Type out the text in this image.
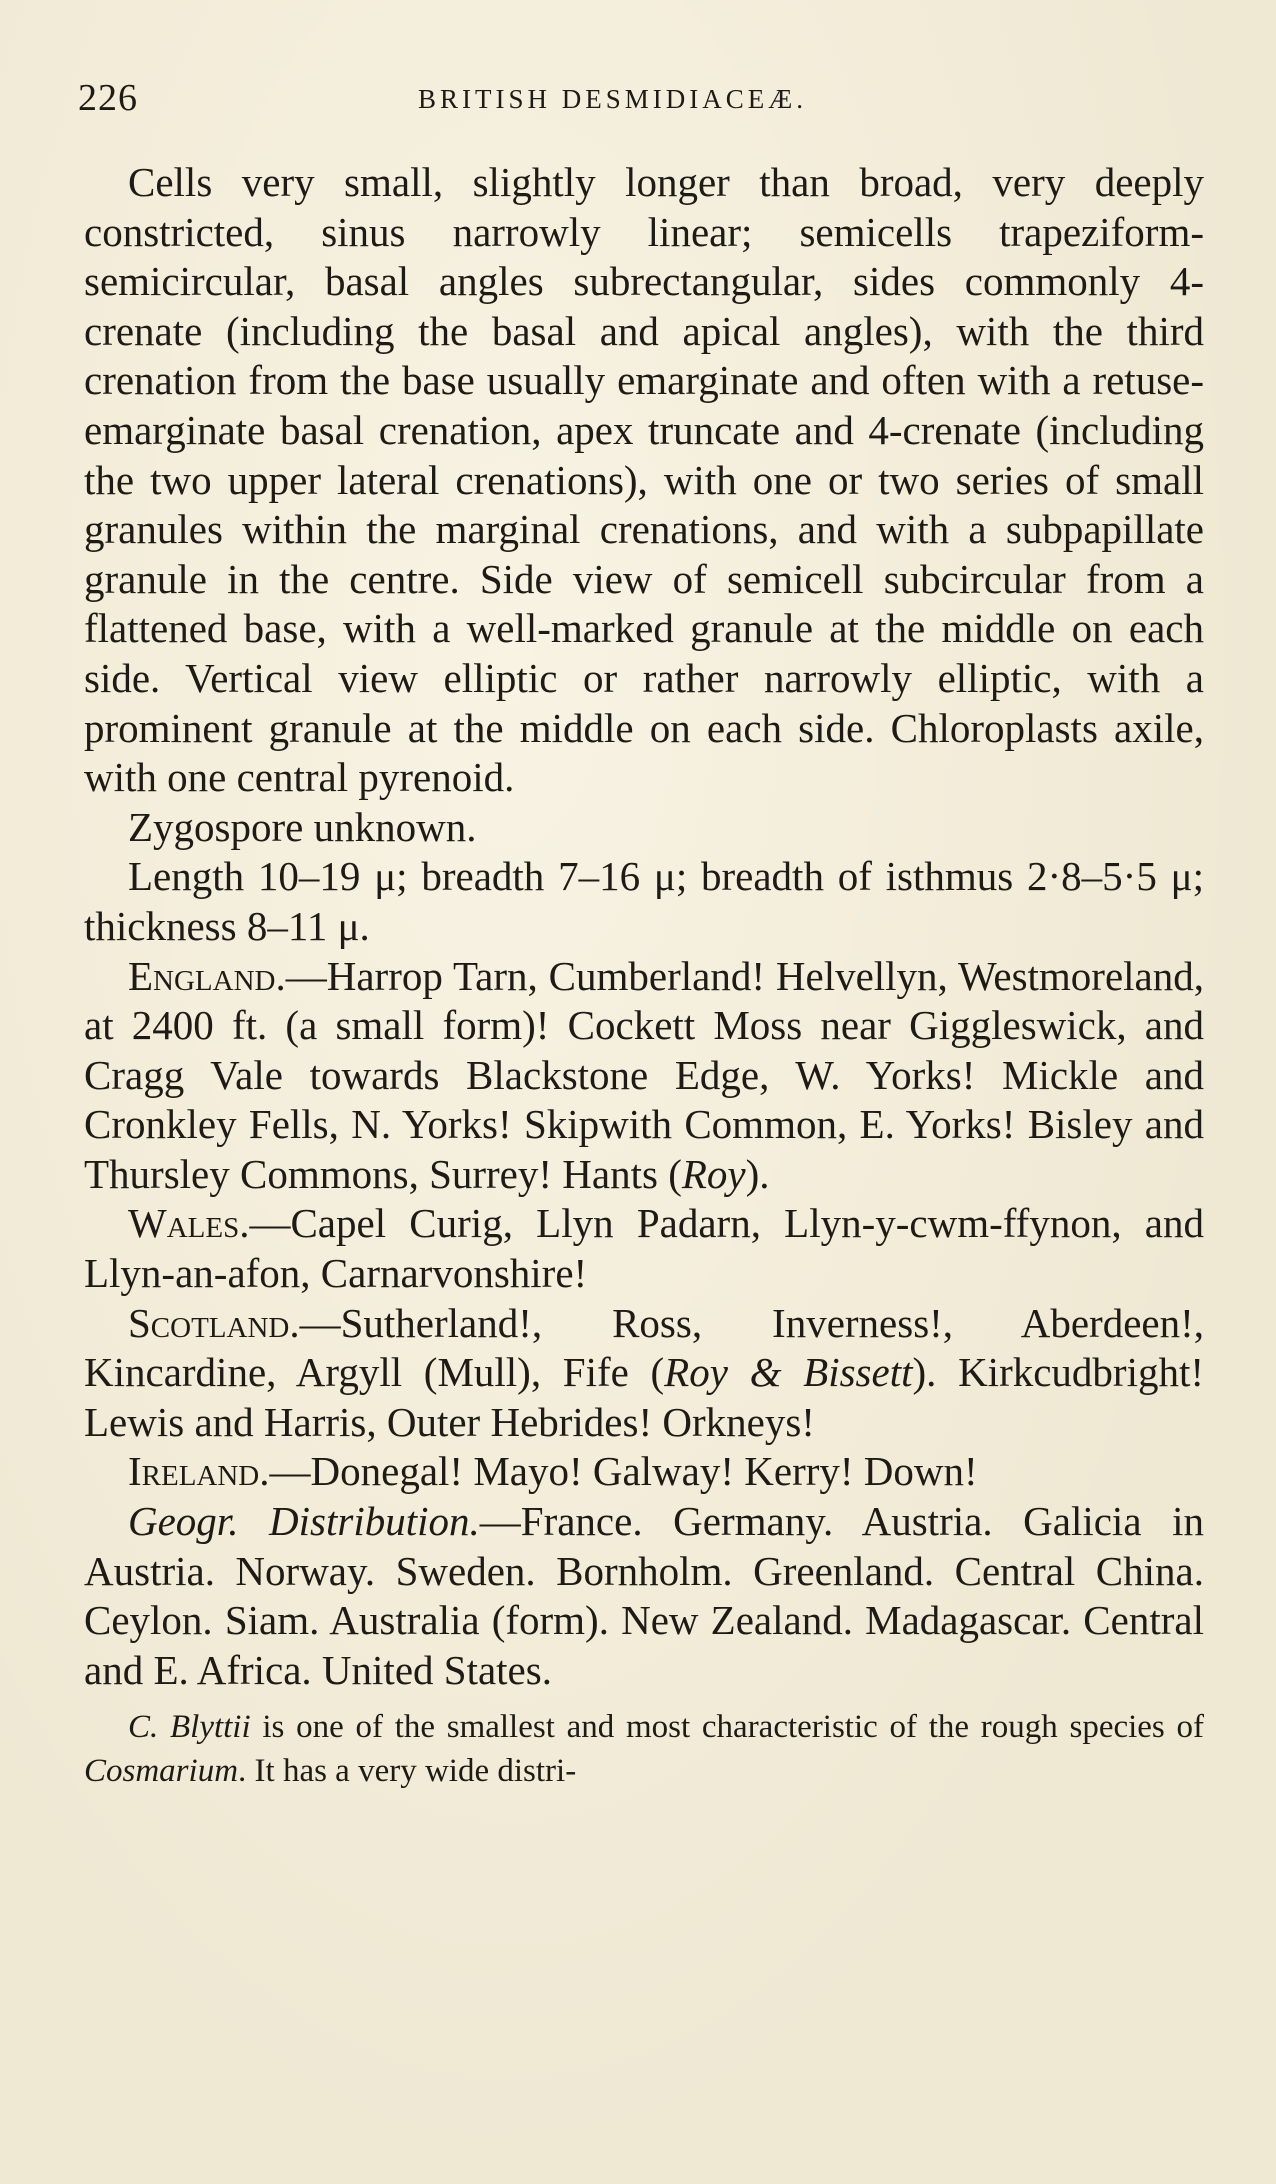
226	BRITISH DESMIDIACEÆ.

Cells very small, slightly longer than broad, very deeply constricted, sinus narrowly linear; semicells trapeziform-semicircular, basal angles subrectangular, sides commonly 4-crenate (including the basal and apical angles), with the third crenation from the base usually emarginate and often with a retuse-emarginate basal crenation, apex truncate and 4-crenate (including the two upper lateral crenations), with one or two series of small granules within the marginal crenations, and with a subpapillate granule in the centre. Side view of semicell subcircular from a flattened base, with a well-marked granule at the middle on each side. Vertical view elliptic or rather narrowly elliptic, with a prominent granule at the middle on each side. Chloroplasts axile, with one central pyrenoid.

Zygospore unknown.

Length 10–19 μ; breadth 7–16 μ; breadth of isthmus 2·8–5·5 μ; thickness 8–11 μ.

England.—Harrop Tarn, Cumberland! Helvellyn, Westmoreland, at 2400 ft. (a small form)! Cockett Moss near Giggleswick, and Cragg Vale towards Blackstone Edge, W. Yorks! Mickle and Cronkley Fells, N. Yorks! Skipwith Common, E. Yorks! Bisley and Thursley Commons, Surrey! Hants (Roy).

Wales.—Capel Curig, Llyn Padarn, Llyn-y-cwm-ffynon, and Llyn-an-afon, Carnarvonshire!

Scotland.—Sutherland!, Ross, Inverness!, Aberdeen!, Kincardine, Argyll (Mull), Fife (Roy & Bissett). Kirkcudbright! Lewis and Harris, Outer Hebrides! Orkneys!

Ireland.—Donegal! Mayo! Galway! Kerry! Down!

Geogr. Distribution.—France. Germany. Austria. Galicia in Austria. Norway. Sweden. Bornholm. Greenland. Central China. Ceylon. Siam. Australia (form). New Zealand. Madagascar. Central and E. Africa. United States.

C. Blyttii is one of the smallest and most characteristic of the rough species of Cosmarium. It has a very wide distri-
